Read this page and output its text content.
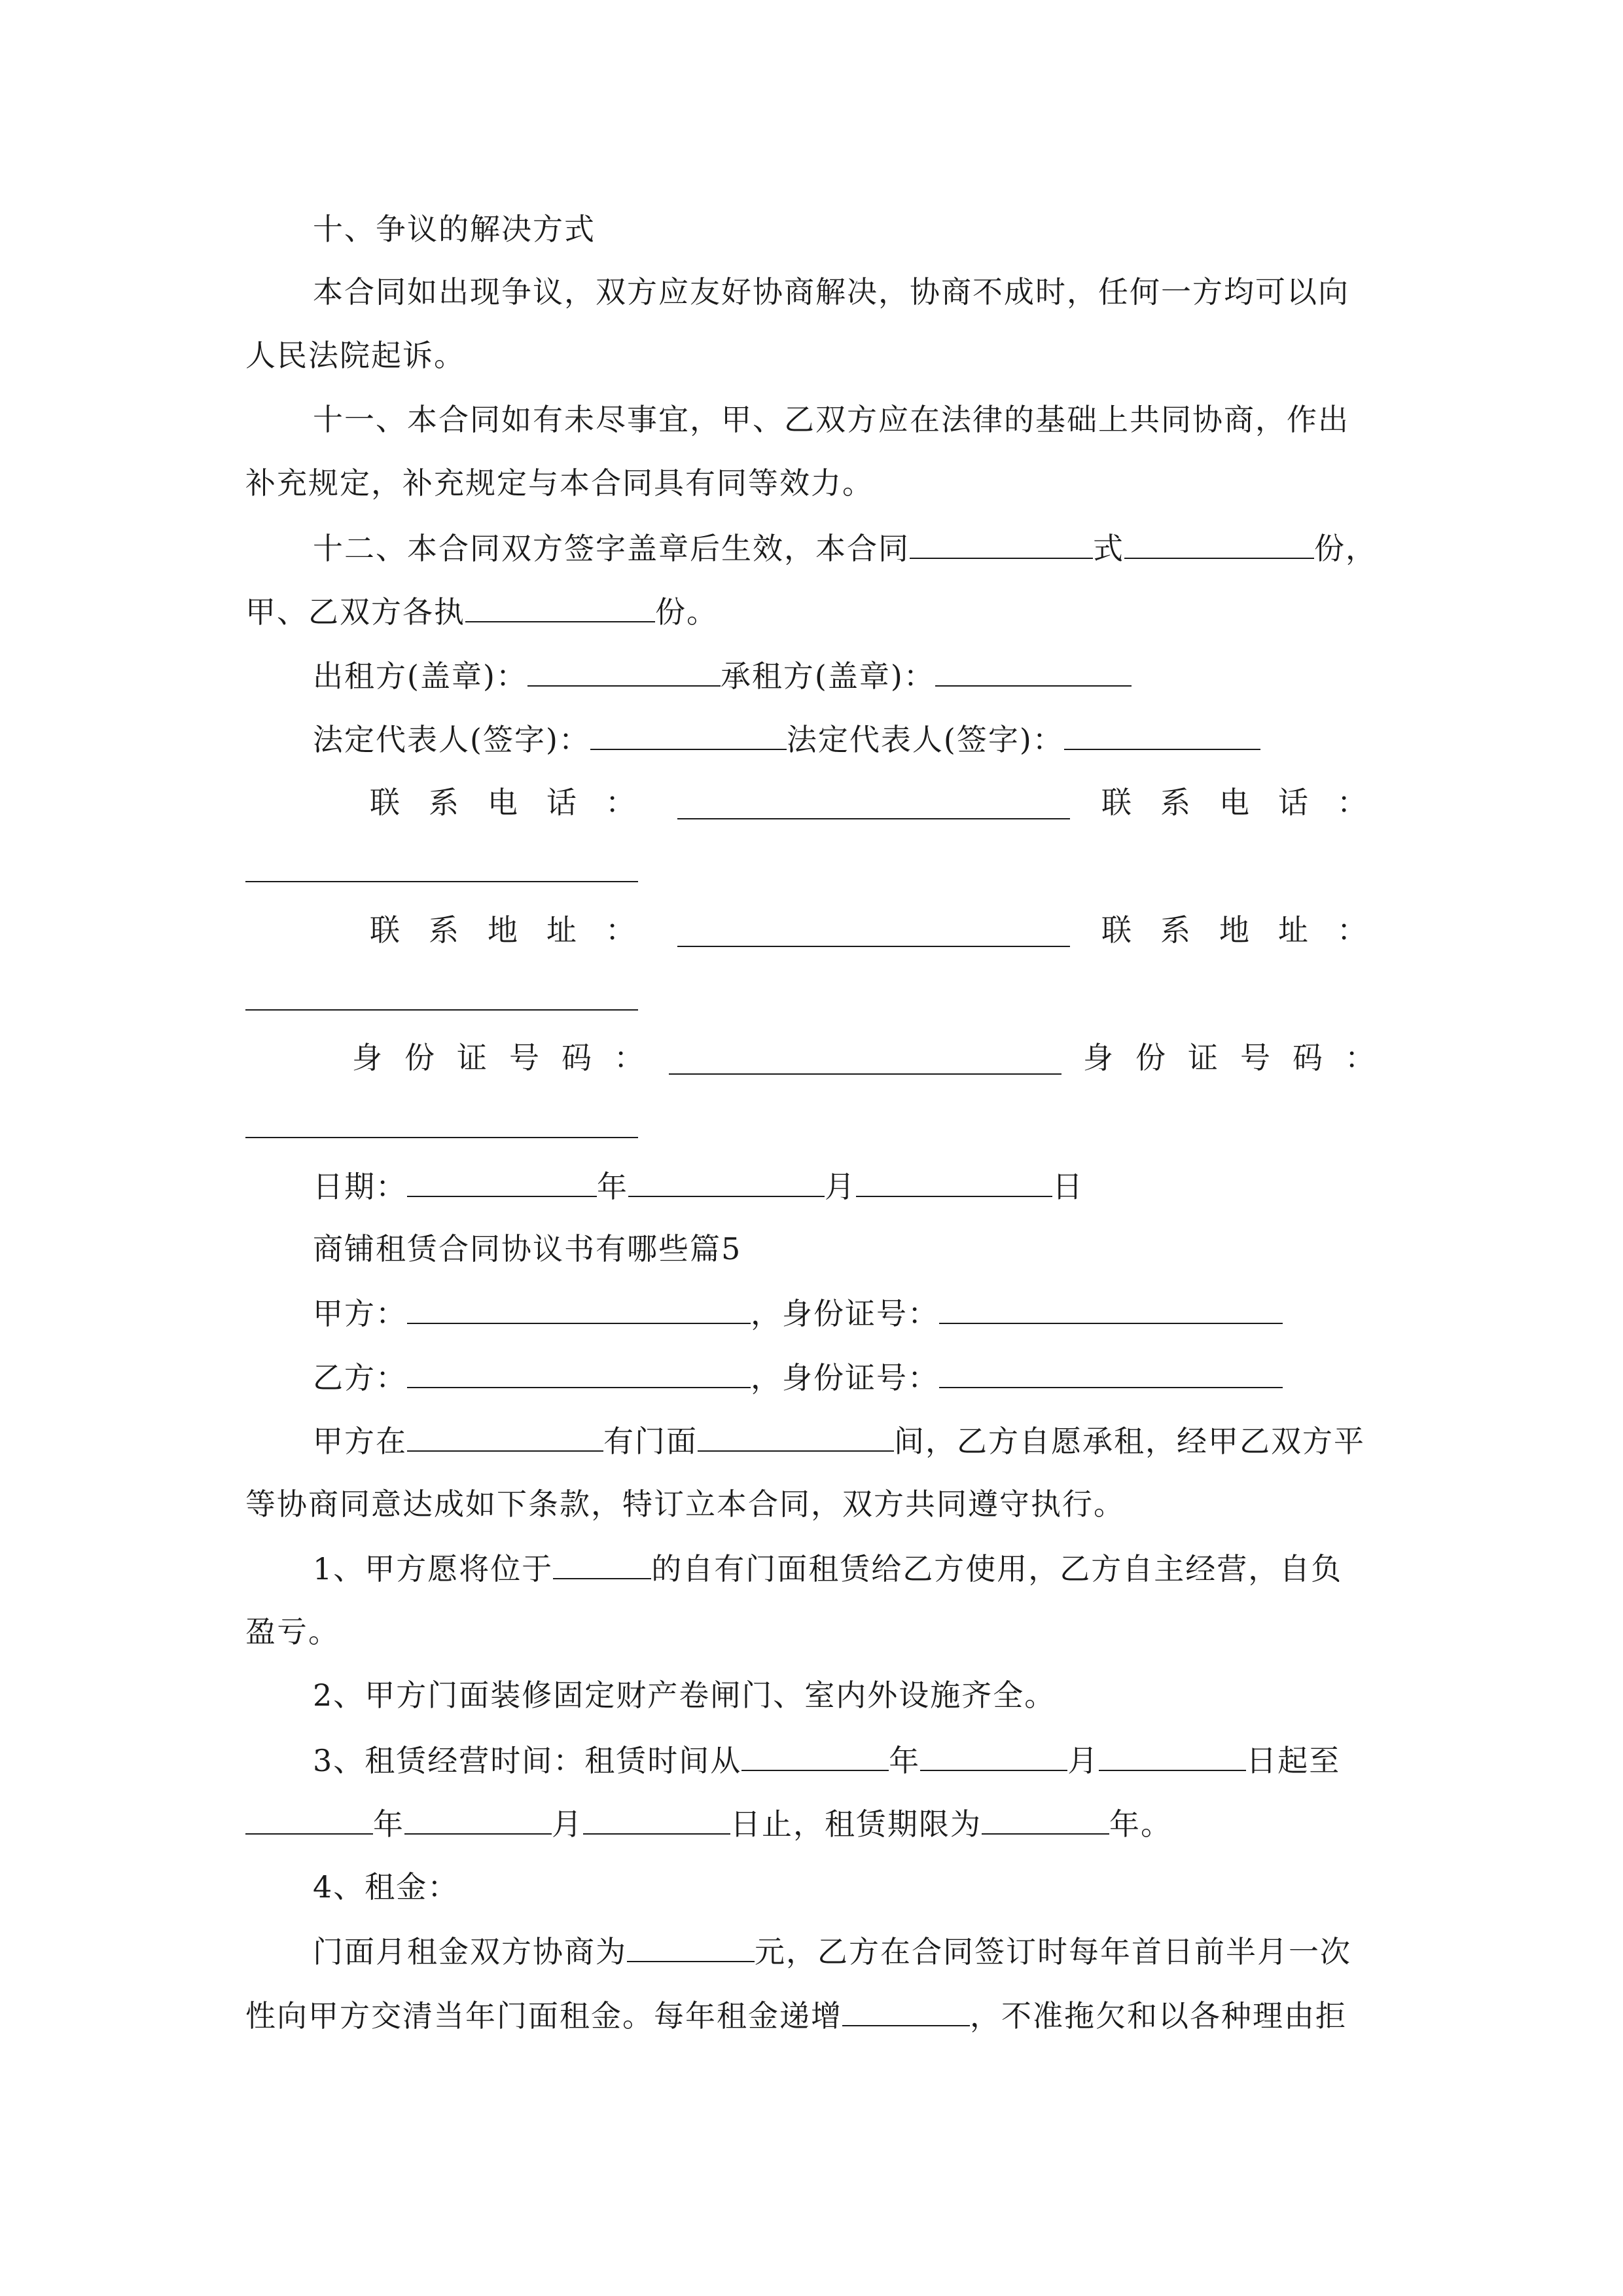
十、争议的解决方式
本合同如出现争议，双方应友好协商解决，协商不成时，任何一方均可以向
人民法院起诉。
十一、本合同如有未尽事宜，甲、乙双方应在法律的基础上共同协商，作出
补充规定，补充规定与本合同具有同等效力。
十二、本合同双方签字盖章后生效，本合同	式	份，
甲、乙双方各执	份。
出租方(盖章)：	承租方(盖章)：
法定代表人(签字)：	法定代表人(签字)：
联系电话：	联系电话：
联系地址：	联系地址：
身份证号码：	身份证号码：
日期：	年	月	日
商铺租赁合同协议书有哪些篇5
甲方：	，身份证号：
乙方：	，身份证号：
甲方在	有门面	间，乙方自愿承租，经甲乙双方平
等协商同意达成如下条款，特订立本合同，双方共同遵守执行。
1、甲方愿将位于	的自有门面租赁给乙方使用，乙方自主经营，自负
盈亏。
2、甲方门面装修固定财产卷闸门、室内外设施齐全。
3、租赁经营时间：租赁时间从	年	月	日起至
年	月	日止，租赁期限为	年。
4、租金：
门面月租金双方协商为	元，乙方在合同签订时每年首日前半月一次
性向甲方交清当年门面租金。每年租金递增	，不准拖欠和以各种理由拒
